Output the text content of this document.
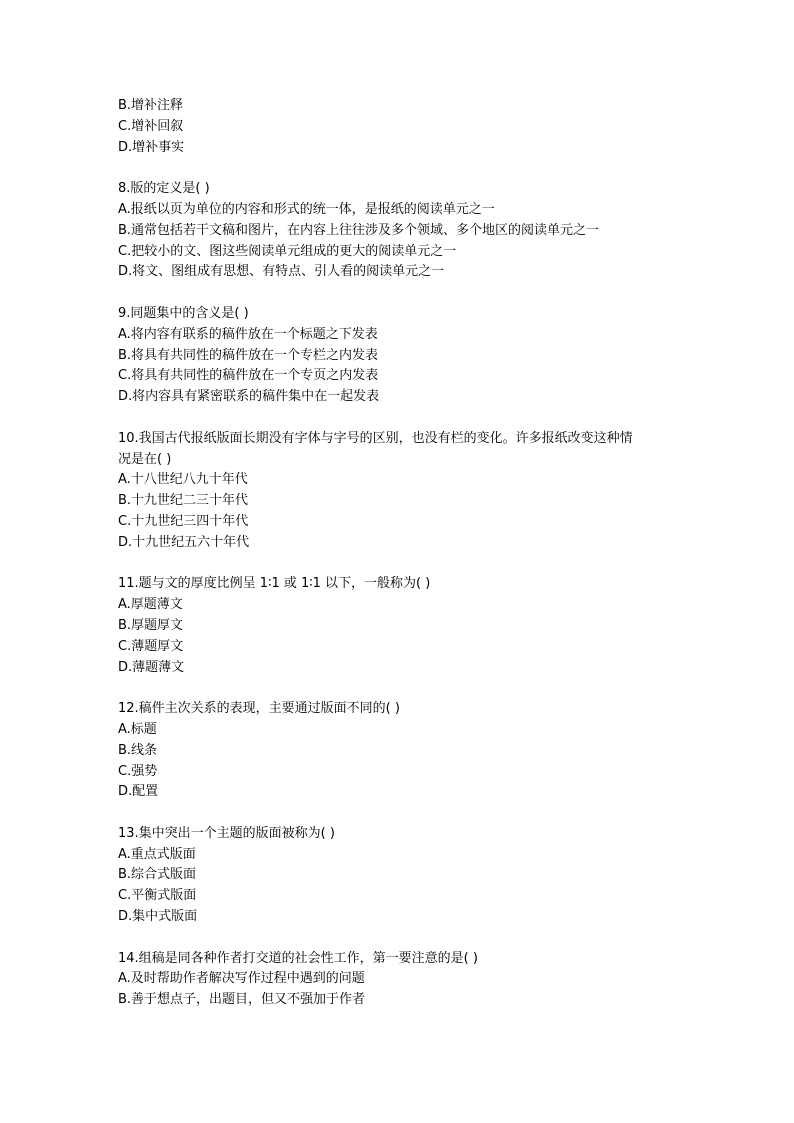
B.增补注释
C.增补回叙
D.增补事实
8.版的定义是( )
A.报纸以页为单位的内容和形式的统一体，是报纸的阅读单元之一
B.通常包括若干文稿和图片，在内容上往往涉及多个领域、多个地区的阅读单元之一
C.把较小的文、图这些阅读单元组成的更大的阅读单元之一
D.将文、图组成有思想、有特点、引人看的阅读单元之一
9.同题集中的含义是( )
A.将内容有联系的稿件放在一个标题之下发表
B.将具有共同性的稿件放在一个专栏之内发表
C.将具有共同性的稿件放在一个专页之内发表
D.将内容具有紧密联系的稿件集中在一起发表
10.我国古代报纸版面长期没有字体与字号的区别，也没有栏的变化。许多报纸改变这种情
况是在( )
A.十八世纪八九十年代
B.十九世纪二三十年代
C.十九世纪三四十年代
D.十九世纪五六十年代
11.题与文的厚度比例呈 1∶1 或 1∶1 以下，一般称为( )
A.厚题薄文
B.厚题厚文
C.薄题厚文
D.薄题薄文
12.稿件主次关系的表现，主要通过版面不同的( )
A.标题
B.线条
C.强势
D.配置
13.集中突出一个主题的版面被称为( )
A.重点式版面
B.综合式版面
C.平衡式版面
D.集中式版面
14.组稿是同各种作者打交道的社会性工作，第一要注意的是( )
A.及时帮助作者解决写作过程中遇到的问题
B.善于想点子，出题目，但又不强加于作者
